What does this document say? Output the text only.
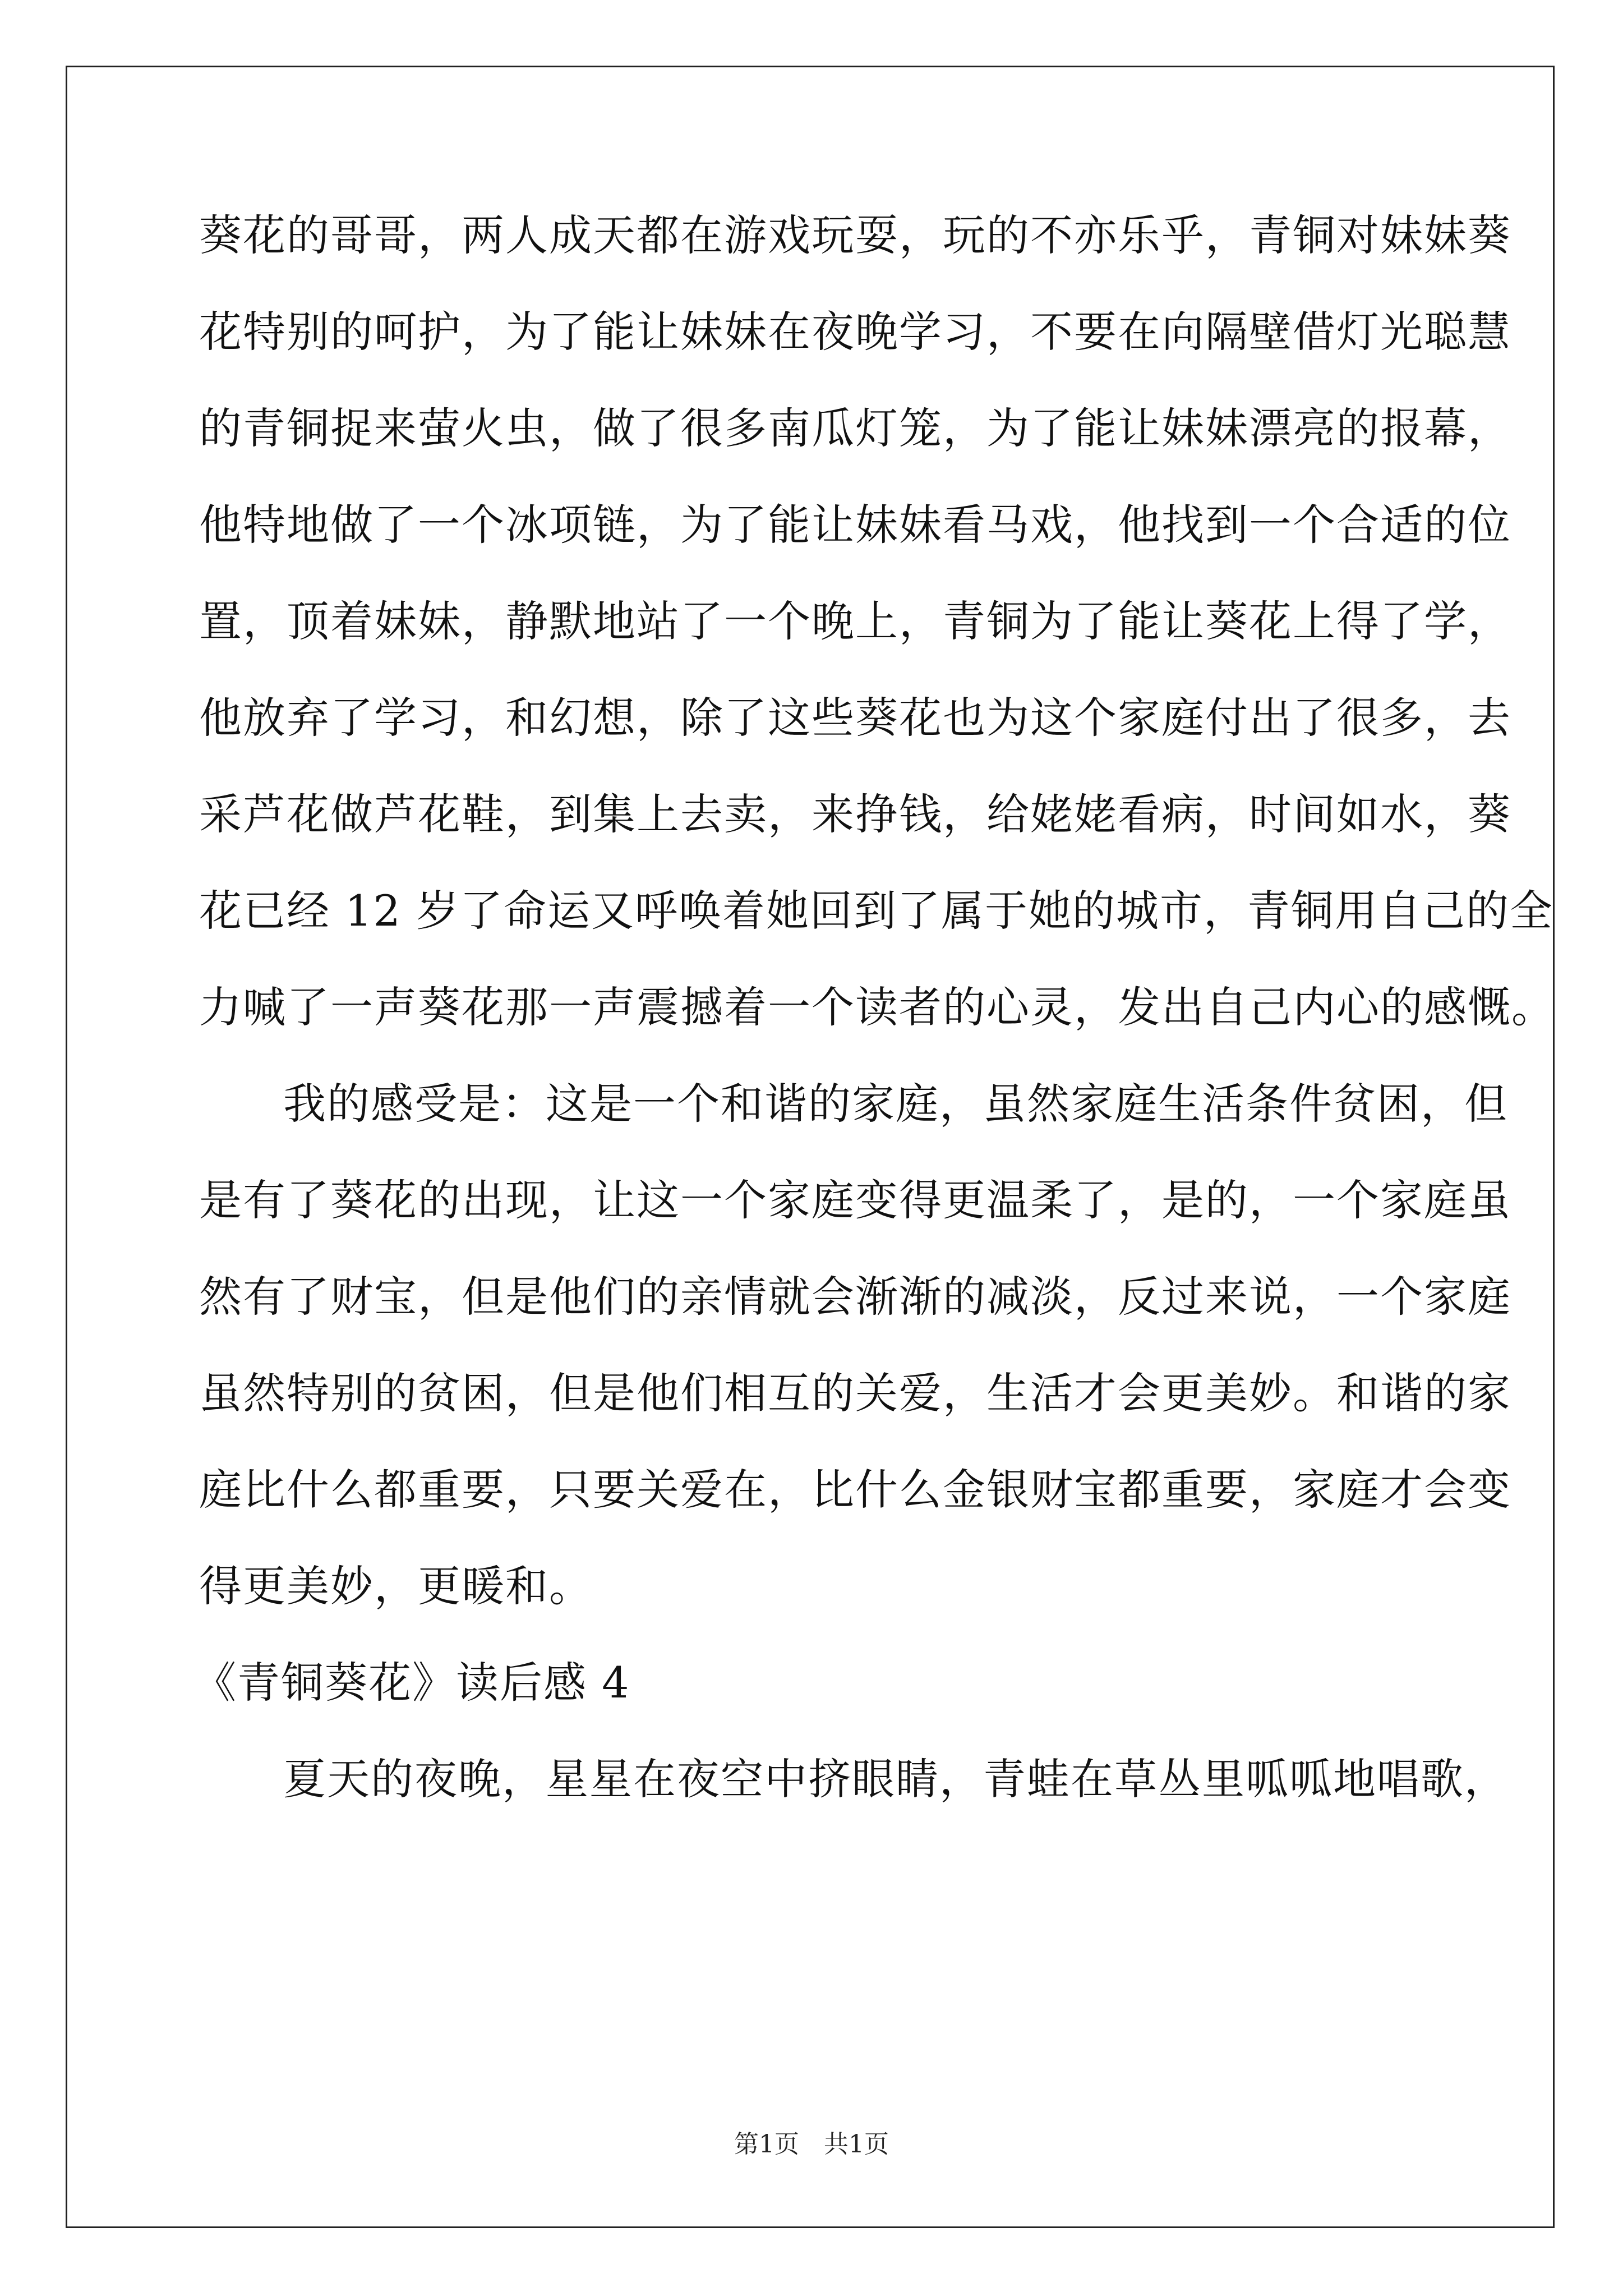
葵花的哥哥，两人成天都在游戏玩耍，玩的不亦乐乎，青铜对妹妹葵
花特别的呵护，为了能让妹妹在夜晚学习，不要在向隔壁借灯光聪慧
的青铜捉来萤火虫，做了很多南瓜灯笼，为了能让妹妹漂亮的报幕，
他特地做了一个冰项链，为了能让妹妹看马戏，他找到一个合适的位
置，顶着妹妹，静默地站了一个晚上，青铜为了能让葵花上得了学，
他放弃了学习，和幻想，除了这些葵花也为这个家庭付出了很多，去
采芦花做芦花鞋，到集上去卖，来挣钱，给姥姥看病，时间如水，葵
花已经 12 岁了命运又呼唤着她回到了属于她的城市，青铜用自己的全
力喊了一声葵花那一声震撼着一个读者的心灵，发出自己内心的感慨。
我的感受是：这是一个和谐的家庭，虽然家庭生活条件贫困，但
是有了葵花的出现，让这一个家庭变得更温柔了，是的，一个家庭虽
然有了财宝，但是他们的亲情就会渐渐的减淡，反过来说，一个家庭
虽然特别的贫困，但是他们相互的关爱，生活才会更美妙。和谐的家
庭比什么都重要，只要关爱在，比什么金银财宝都重要，家庭才会变
得更美妙，更暖和。
《青铜葵花》读后感 4
夏天的夜晚，星星在夜空中挤眼睛，青蛙在草丛里呱呱地唱歌，
第1页　共1页
